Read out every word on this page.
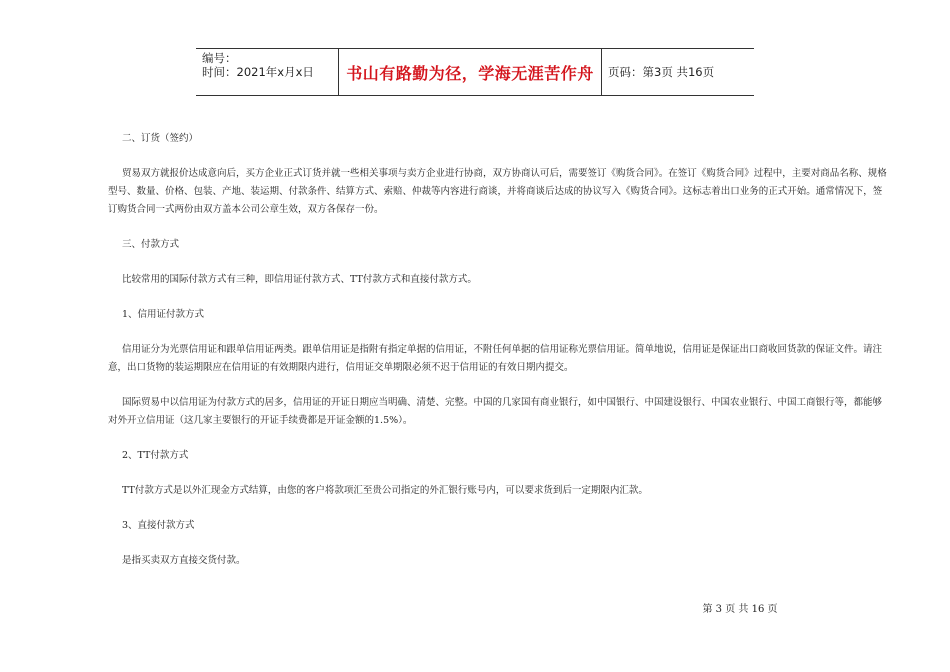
编号：
时间：2021年x月x日	书山有路勤为径，学海无涯苦作舟	页码：第3页 共16页

二、订货（签约）

贸易双方就报价达成意向后，买方企业正式订货并就一些相关事项与卖方企业进行协商，双方协商认可后，需要签订《购货合同》。在签订《购货合同》过程中，主要对商品名称、规格型号、数量、价格、包装、产地、装运期、付款条件、结算方式、索赔、仲裁等内容进行商谈，并将商谈后达成的协议写入《购货合同》。这标志着出口业务的正式开始。通常情况下，签订购货合同一式两份由双方盖本公司公章生效，双方各保存一份。

三、付款方式

比较常用的国际付款方式有三种，即信用证付款方式、TT付款方式和直接付款方式。

1、信用证付款方式

信用证分为光票信用证和跟单信用证两类。跟单信用证是指附有指定单据的信用证，不附任何单据的信用证称光票信用证。简单地说，信用证是保证出口商收回货款的保证文件。请注意，出口货物的装运期限应在信用证的有效期限内进行，信用证交单期限必须不迟于信用证的有效日期内提交。

国际贸易中以信用证为付款方式的居多，信用证的开证日期应当明确、清楚、完整。中国的几家国有商业银行，如中国银行、中国建设银行、中国农业银行、中国工商银行等，都能够对外开立信用证（这几家主要银行的开证手续费都是开证金额的1.5%）。

2、TT付款方式

TT付款方式是以外汇现金方式结算，由您的客户将款项汇至贵公司指定的外汇银行账号内，可以要求货到后一定期限内汇款。

3、直接付款方式

是指买卖双方直接交货付款。

第 3 页 共 16 页
